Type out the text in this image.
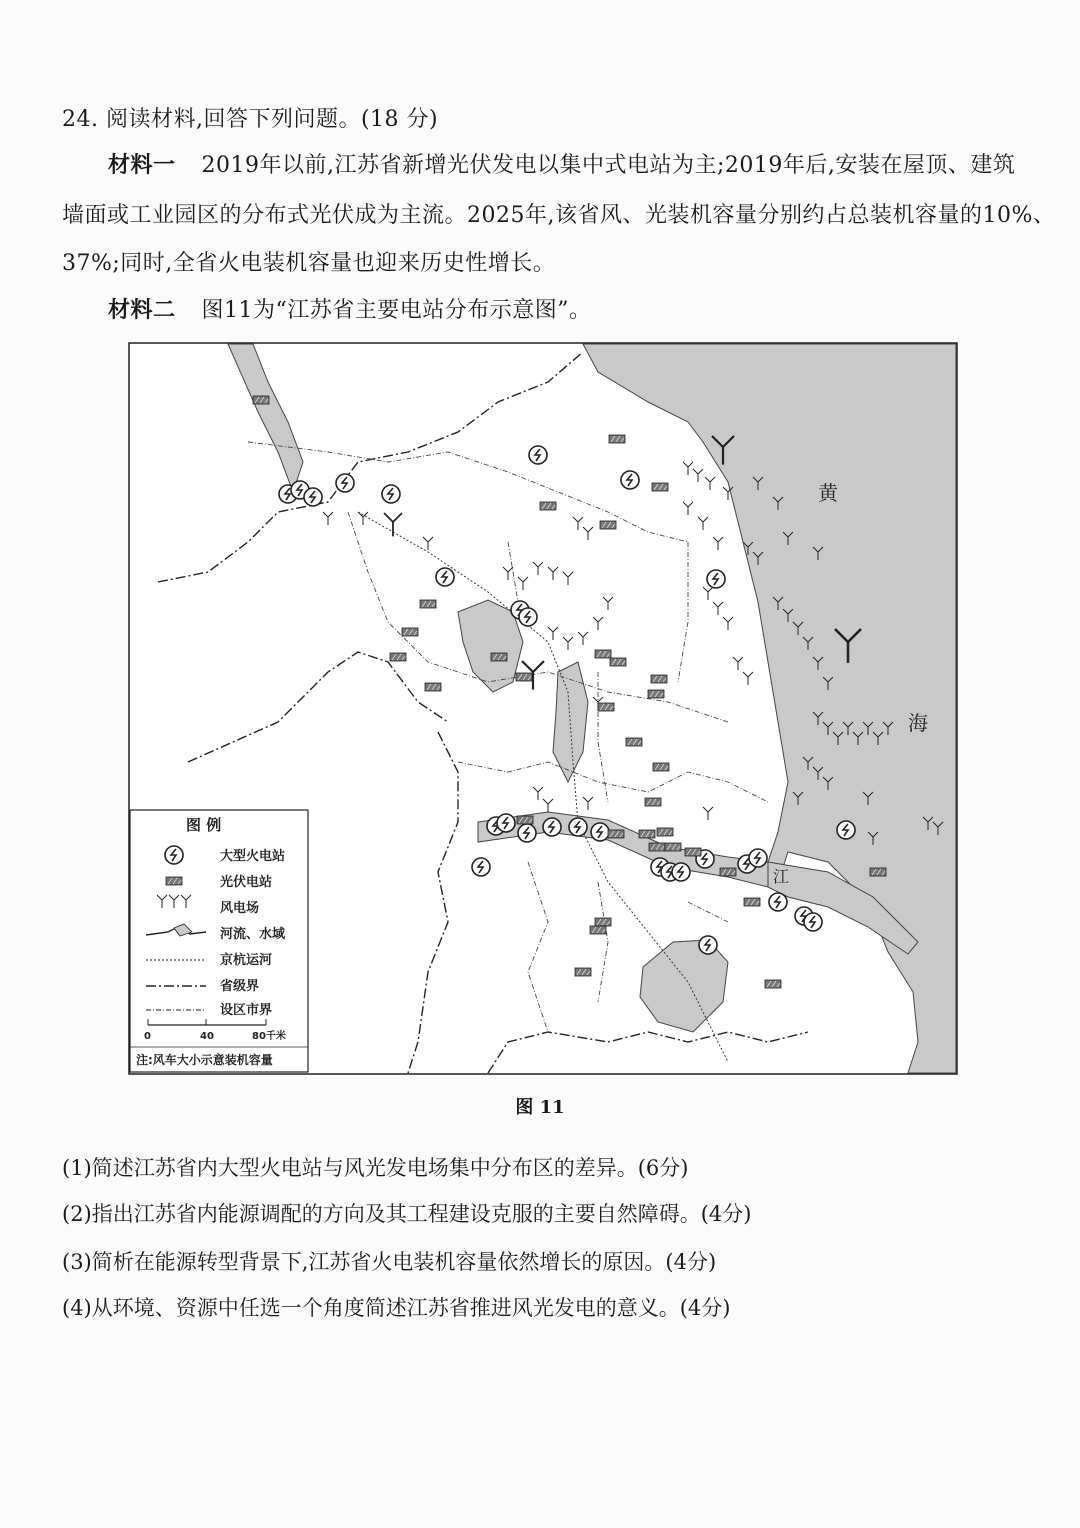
24. 阅读材料,回答下列问题。(18 分)
材料一 2019年以前,江苏省新增光伏发电以集中式电站为主;2019年后,安装在屋顶、建筑
墙面或工业园区的分布式光伏成为主流。2025年,该省风、光装机容量分别约占总装机容量的10%、
37%;同时,全省火电装机容量也迎来历史性增长。
材料二 图11为“江苏省主要电站分布示意图”。
黄
海
江
图 例
大型火电站
光伏电站
风电场
河流、水域
京杭运河
省级界
设区市界
0	40	80千米
注:风车大小示意装机容量
图 11
(1)简述江苏省内大型火电站与风光发电场集中分布区的差异。(6分)
(2)指出江苏省内能源调配的方向及其工程建设克服的主要自然障碍。(4分)
(3)简析在能源转型背景下,江苏省火电装机容量依然增长的原因。(4分)
(4)从环境、资源中任选一个角度简述江苏省推进风光发电的意义。(4分)
